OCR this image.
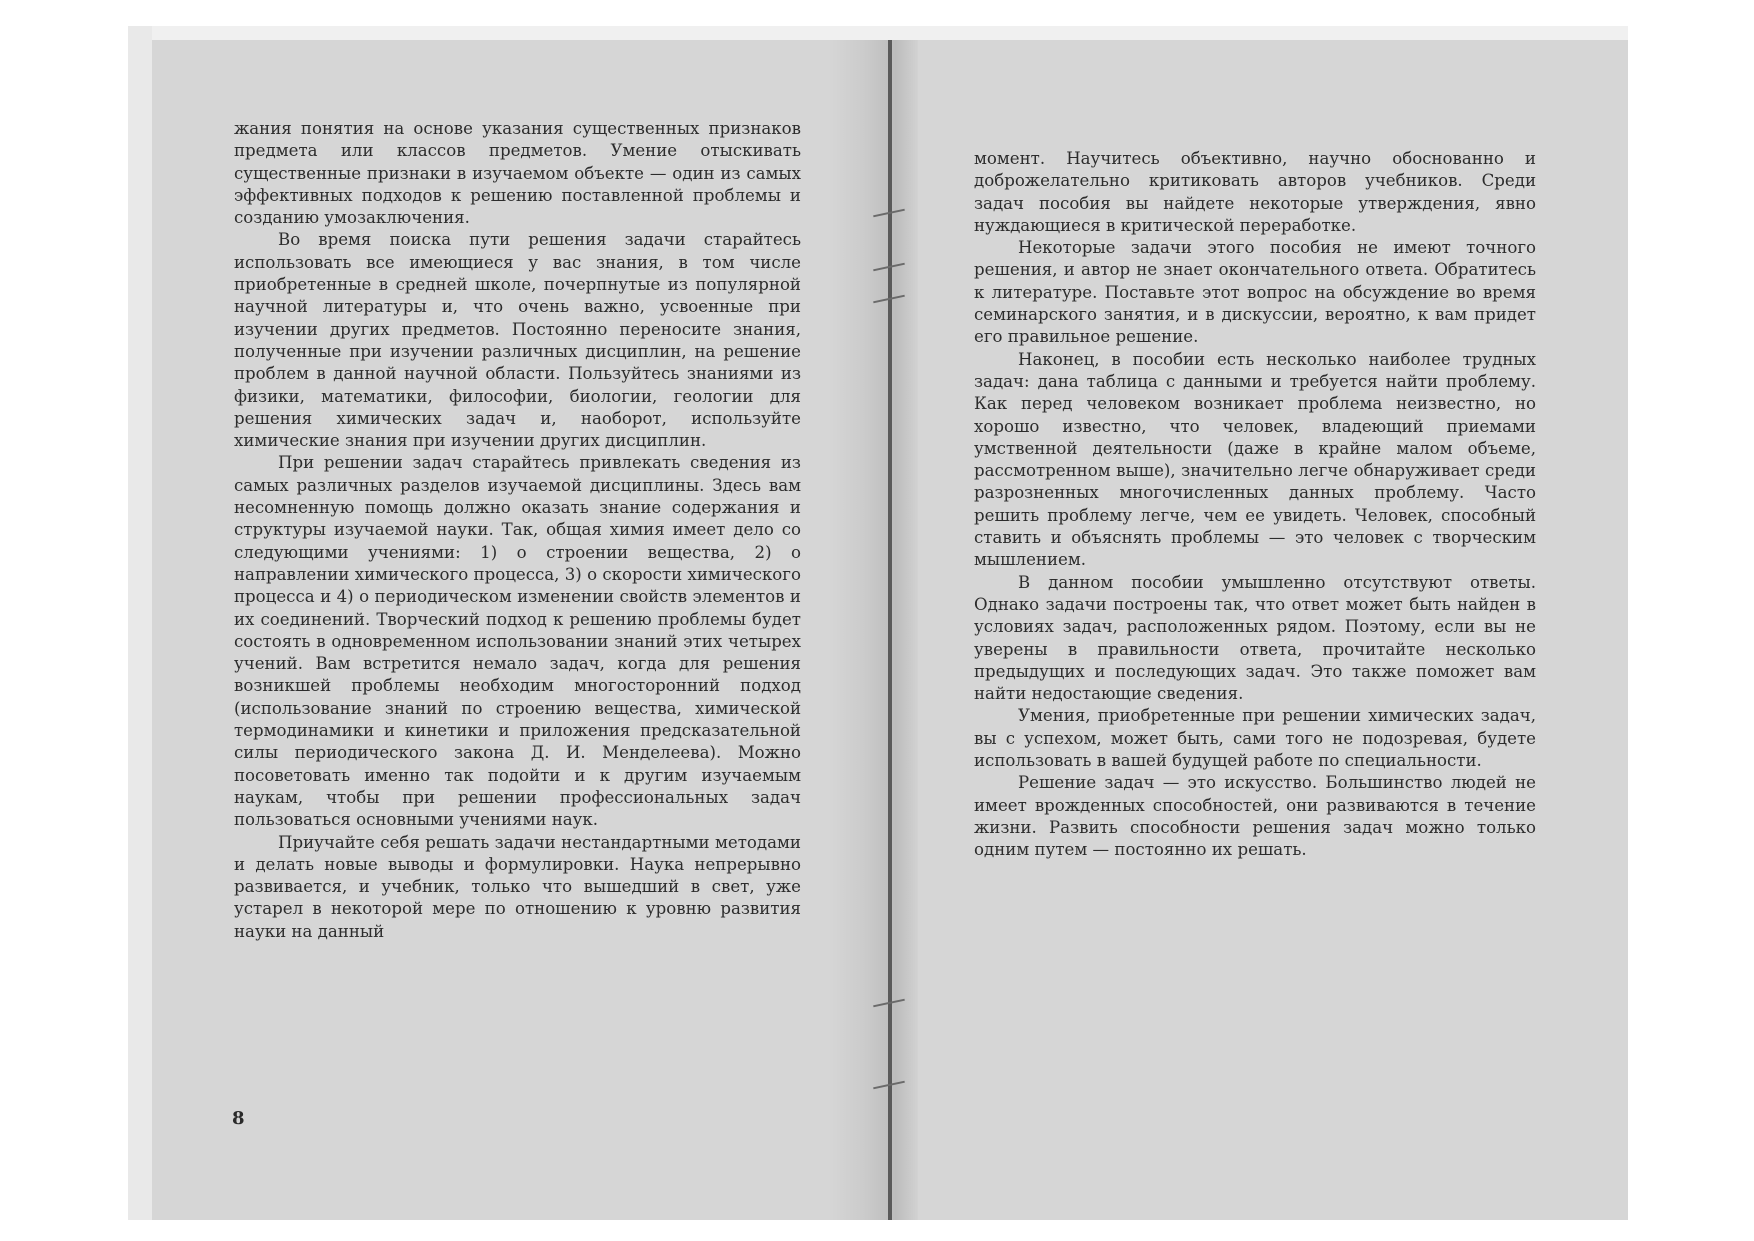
жания понятия на основе указания существенных признаков предмета или классов предметов. Умение отыскивать существенные признаки в изучаемом объекте — один из самых эффективных подходов к решению поставленной проблемы и созданию умозаключения.

Во время поиска пути решения задачи старайтесь использовать все имеющиеся у вас знания, в том числе приобретенные в средней школе, почерпнутые из популярной научной литературы и, что очень важно, усвоенные при изучении других предметов. Постоянно переносите знания, полученные при изучении различных дисциплин, на решение проблем в данной научной области. Пользуйтесь знаниями из физики, математики, философии, биологии, геологии для решения химических задач и, наоборот, используйте химические знания при изучении других дисциплин.

При решении задач старайтесь привлекать сведения из самых различных разделов изучаемой дисциплины. Здесь вам несомненную помощь должно оказать знание содержания и структуры изучаемой науки. Так, общая химия имеет дело со следующими учениями: 1) о строении вещества, 2) о направлении химического процесса, 3) о скорости химического процесса и 4) о периодическом изменении свойств элементов и их соединений. Творческий подход к решению проблемы будет состоять в одновременном использовании знаний этих четырех учений. Вам встретится немало задач, когда для решения возникшей проблемы необходим многосторонний подход (использование знаний по строению вещества, химической термодинамики и кинетики и приложения предсказательной силы периодического закона Д. И. Менделеева). Можно посоветовать именно так подойти и к другим изучаемым наукам, чтобы при решении профессиональных задач пользоваться основными учениями наук.

Приучайте себя решать задачи нестандартными методами и делать новые выводы и формулировки. Наука непрерывно развивается, и учебник, только что вышедший в свет, уже устарел в некоторой мере по отношению к уровню развития науки на данный

8

момент. Научитесь объективно, научно обоснованно и доброжелательно критиковать авторов учебников. Среди задач пособия вы найдете некоторые утверждения, явно нуждающиеся в критической переработке.

Некоторые задачи этого пособия не имеют точного решения, и автор не знает окончательного ответа. Обратитесь к литературе. Поставьте этот вопрос на обсуждение во время семинарского занятия, и в дискуссии, вероятно, к вам придет его правильное решение.

Наконец, в пособии есть несколько наиболее трудных задач: дана таблица с данными и требуется найти проблему. Как перед человеком возникает проблема неизвестно, но хорошо известно, что человек, владеющий приемами умственной деятельности (даже в крайне малом объеме, рассмотренном выше), значительно легче обнаруживает среди разрозненных многочисленных данных проблему. Часто решить проблему легче, чем ее увидеть. Человек, способный ставить и объяснять проблемы — это человек с творческим мышлением.

В данном пособии умышленно отсутствуют ответы. Однако задачи построены так, что ответ может быть найден в условиях задач, расположенных рядом. Поэтому, если вы не уверены в правильности ответа, прочитайте несколько предыдущих и последующих задач. Это также поможет вам найти недостающие сведения.

Умения, приобретенные при решении химических задач, вы с успехом, может быть, сами того не подозревая, будете использовать в вашей будущей работе по специальности.

Решение задач — это искусство. Большинство людей не имеет врожденных способностей, они развиваются в течение жизни. Развить способности решения задач можно только одним путем — постоянно их решать.
